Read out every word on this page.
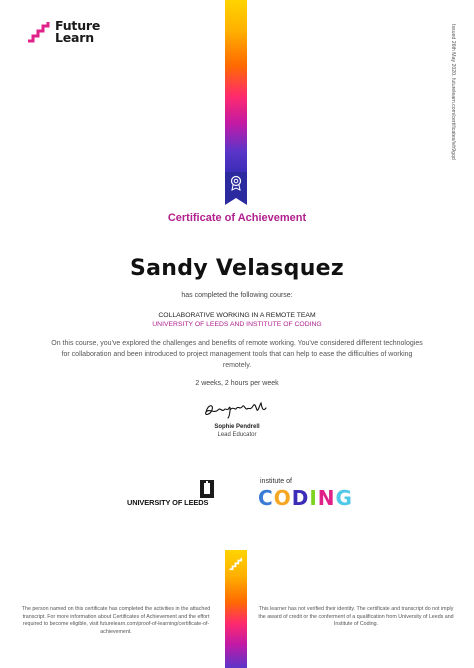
Future
Learn	Issued 26th May 2020. futurelearn.com/certificates/ivh9gqd
Certificate of Achievement
Sandy Velasquez
has completed the following course:
COLLABORATIVE WORKING IN A REMOTE TEAM
UNIVERSITY OF LEEDS AND INSTITUTE OF CODING
On this course, you've explored the challenges and benefits of remote working. You've considered different technologies for collaboration and been introduced to project management tools that can help to ease the difficulties of working remotely.
2 weeks, 2 hours per week
Sophie Pendrell
Lead Educator
UNIVERSITY OF LEEDS
institute of
CODING
The person named on this certificate has completed the activities in the attached transcript. For more information about Certificates of Achievement and the effort required to become eligible, visit futurelearn.com/proof-of-learning/certificate-of-achievement.
This learner has not verified their identity. The certificate and transcript do not imply the award of credit or the conferment of a qualification from University of Leeds and Institute of Coding.
